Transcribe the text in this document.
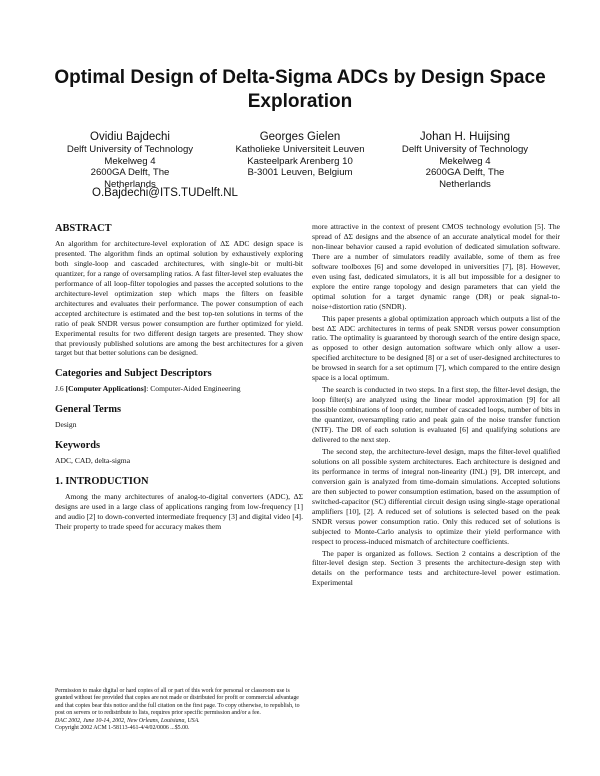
Optimal Design of Delta-Sigma ADCs by Design Space Exploration
Ovidiu Bajdechi
Delft University of Technology
Mekelweg 4
2600GA Delft, The
Netherlands
Georges Gielen
Katholieke Universiteit Leuven
Kasteelpark Arenberg 10
B-3001 Leuven, Belgium
Johan H. Huijsing
Delft University of Technology
Mekelweg 4
2600GA Delft, The
Netherlands
O.Bajdechi@ITS.TUDelft.NL
ABSTRACT

An algorithm for architecture-level exploration of ΔΣ ADC design space is presented. The algorithm finds an optimal solution by exhaustively exploring both single-loop and cascaded architectures, with single-bit or multi-bit quantizer, for a range of oversampling ratios. A fast filter-level step evaluates the performance of all loop-filter topologies and passes the accepted solutions to the architecture-level optimization step which maps the filters on feasible architectures and evaluates their performance. The power consumption of each accepted architecture is estimated and the best top-ten solutions in terms of the ratio of peak SNDR versus power consumption are further optimized for yield. Experimental results for two different design targets are presented. They show that previously published solutions are among the best architectures for a given target but that better solutions can be designed.

Categories and Subject Descriptors

J.6 [Computer Applications]: Computer-Aided Engineering

General Terms

Design

Keywords

ADC, CAD, delta-sigma

1. INTRODUCTION

Among the many architectures of analog-to-digital converters (ADC), ΔΣ designs are used in a large class of applications ranging from low-frequency [1] and audio [2] to down-converted intermediate frequency [3] and digital video [4]. Their property to trade speed for accuracy makes them

Permission to make digital or hard copies of all or part of this work for personal or classroom use is granted without fee provided that copies are not made or distributed for profit or commercial advantage and that copies bear this notice and the full citation on the first page. To copy otherwise, to republish, to post on servers or to redistribute to lists, requires prior specific permission and/or a fee.

DAC 2002, June 10-14, 2002, New Orleans, Louisiana, USA.

Copyright 2002 ACM 1-58113-461-4/4/02/0006 ...$5.00.

more attractive in the context of present CMOS technology evolution [5]. The spread of ΔΣ designs and the absence of an accurate analytical model for their non-linear behavior caused a rapid evolution of dedicated simulation software. There are a number of simulators readily available, some of them as free software toolboxes [6] and some developed in universities [7], [8]. However, even using fast, dedicated simulators, it is all but impossible for a designer to explore the entire range topology and design parameters that can yield the optimal solution for a target dynamic range (DR) or peak signal-to-noise+distortion ratio (SNDR).

This paper presents a global optimization approach which outputs a list of the best ΔΣ ADC architectures in terms of peak SNDR versus power consumption ratio. The optimality is guaranteed by thorough search of the entire design space, as opposed to other design automation software which only allow a user-specified architecture to be designed [8] or a set of user-designed architectures to be browsed in search for a set optimum [7], which compared to the entire design space is a local optimum.

The search is conducted in two steps. In a first step, the filter-level design, the loop filter(s) are analyzed using the linear model approximation [9] for all possible combinations of loop order, number of cascaded loops, number of bits in the quantizer, oversampling ratio and peak gain of the noise transfer function (NTF). The DR of each solution is evaluated [6] and qualifying solutions are delivered to the next step.

The second step, the architecture-level design, maps the filter-level qualified solutions on all possible system architectures. Each architecture is designed and its performance in terms of integral non-linearity (INL) [9], DR intercept, and conversion gain is analyzed from time-domain simulations. Accepted solutions are then subjected to power consumption estimation, based on the assumption of switched-capacitor (SC) differential circuit design using single-stage operational amplifiers [10], [2]. A reduced set of solutions is selected based on the peak SNDR versus power consumption ratio. Only this reduced set of solutions is subjected to Monte-Carlo analysis to optimize their yield performance with respect to process-induced mismatch of architecture coefficients.

The paper is organized as follows. Section 2 contains a description of the filter-level design step. Section 3 presents the architecture-design step with details on the performance tests and architecture-level power estimation. Experimental
